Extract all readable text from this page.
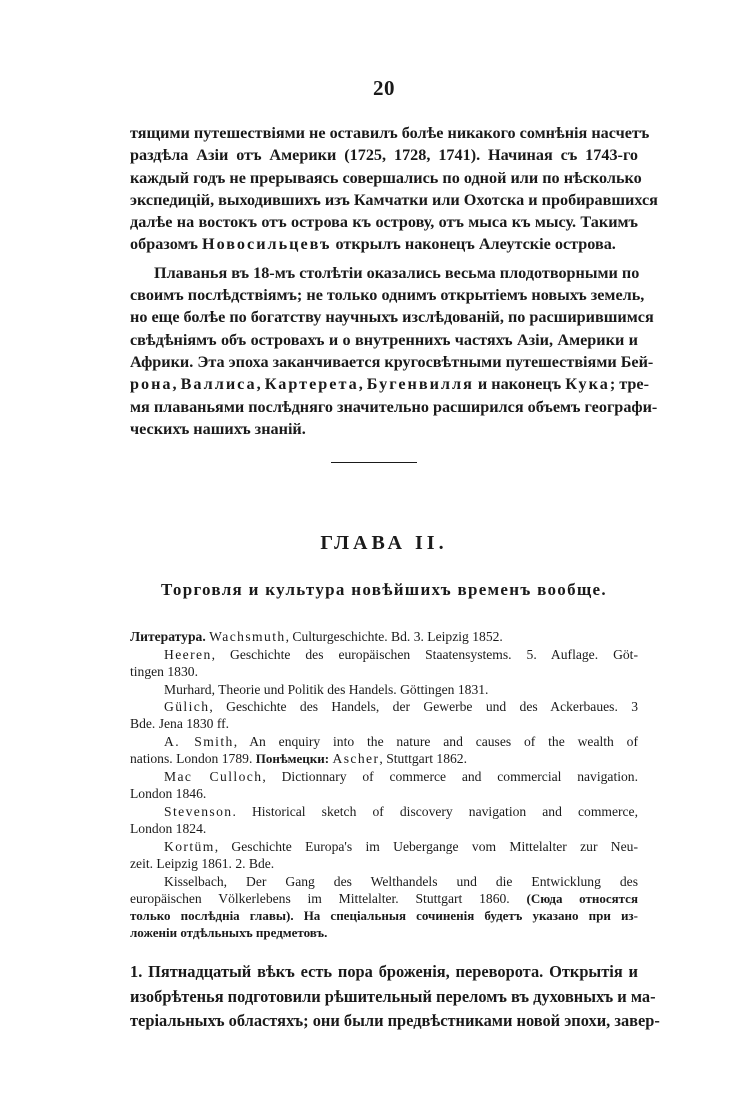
20
тящими путешествіями не оставилъ болѣе никакого сомнѣнія насчетъ
раздѣла Азіи отъ Америки (1725, 1728, 1741). Начиная съ 1743-го
каждый годъ не прерываясь совершались по одной или по нѣсколько
экспедицій, выходившихъ изъ Камчатки или Охотска и пробиравшихся
далѣе на востокъ отъ острова къ острову, отъ мыса къ мысу. Такимъ
образомъ Новосильцевъ открылъ наконецъ Алеутскіе острова.
Плаванья въ 18-мъ столѣтіи оказались весьма плодотворными по
своимъ послѣдствіямъ; не только однимъ открытіемъ новыхъ земель,
но еще болѣе по богатству научныхъ изслѣдованій, по расширившимся
свѣдѣніямъ объ островахъ и о внутреннихъ частяхъ Азіи, Америки и
Африки. Эта эпоха заканчивается кругосвѣтными путешествіями Бей-
рона, Валлиса, Картерета, Бугенвилля и наконецъ Кука; тре-
мя плаваньями послѣдняго значительно расширился объемъ географи-
ческихъ нашихъ знаній.
ГЛАВА II.
Торговля и культура новѣйшихъ временъ вообще.
Литература. Wachsmuth, Culturgeschichte. Bd. 3. Leipzig 1852.
Heeren, Geschichte des europäischen Staatensystems. 5. Auflage. Göt-
tingen 1830.
Murhard, Theorie und Politik des Handels. Göttingen 1831.
Gülich, Geschichte des Handels, der Gewerbe und des Ackerbaues. 3
Bde. Jena 1830 ff.
A. Smith, An enquiry into the nature and causes of the wealth of
nations. London 1789. Понѣмецки: Ascher, Stuttgart 1862.
Mac Culloch, Dictionnary of commerce and commercial navigation.
London 1846.
Stevenson. Historical sketch of discovery navigation and commerce,
London 1824.
Kortüm, Geschichte Europa's im Uebergange vom Mittelalter zur Neu-
zeit. Leipzig 1861. 2. Bde.
Kisselbach, Der Gang des Welthandels und die Entwicklung des
europäischen Völkerlebens im Mittelalter. Stuttgart 1860. (Сюда относятся
только послѣдніа главы). На спеціальныя сочиненія будетъ указано при из-
ложеніи отдѣльныхъ предметовъ.
1. Пятнадцатый вѣкъ есть пора броженія, переворота. Открытія и
изобрѣтенья подготовили рѣшительный переломъ въ духовныхъ и ма-
теріальныхъ областяхъ; они были предвѣстниками новой эпохи, завер-
